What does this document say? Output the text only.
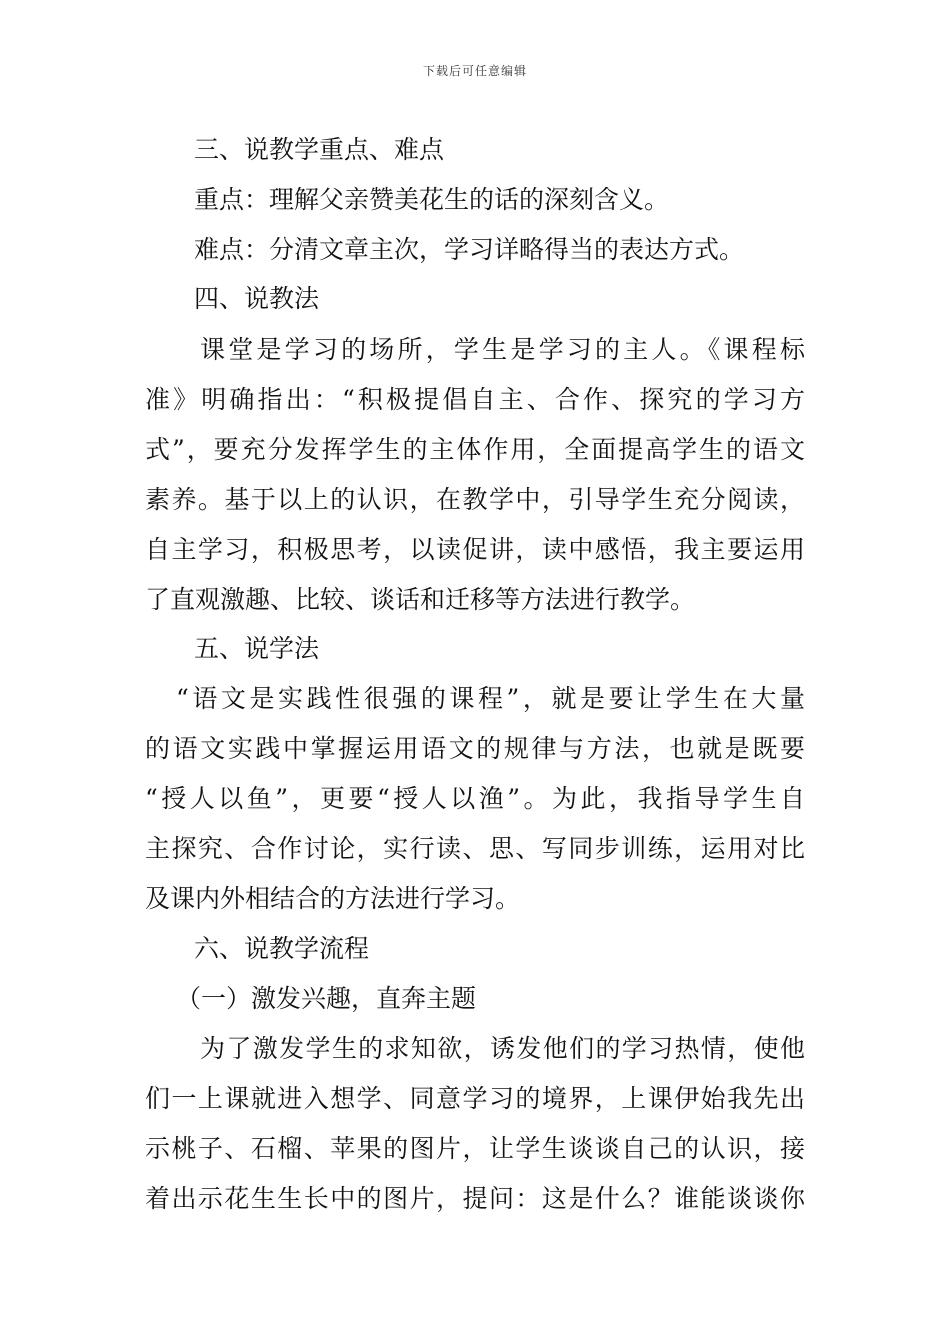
下载后可任意编辑
三、说教学重点、难点
重点：理解父亲赞美花生的话的深刻含义。
难点：分清文章主次，学习详略得当的表达方式。
四、说教法
课堂是学习的场所，学生是学习的主人。《课程标
准》明确指出：“积极提倡自主、合作、探究的学习方
式”，要充分发挥学生的主体作用，全面提高学生的语文
素养。基于以上的认识，在教学中，引导学生充分阅读，
自主学习，积极思考，以读促讲，读中感悟，我主要运用
了直观激趣、比较、谈话和迁移等方法进行教学。
五、说学法
“语文是实践性很强的课程”，就是要让学生在大量
的语文实践中掌握运用语文的规律与方法，也就是既要
“授人以鱼”，更要“授人以渔”。为此，我指导学生自
主探究、合作讨论，实行读、思、写同步训练，运用对比
及课内外相结合的方法进行学习。
六、说教学流程
（一）激发兴趣，直奔主题
为了激发学生的求知欲，诱发他们的学习热情，使他
们一上课就进入想学、同意学习的境界，上课伊始我先出
示桃子、石榴、苹果的图片，让学生谈谈自己的认识，接
着出示花生生长中的图片，提问：这是什么？谁能谈谈你
